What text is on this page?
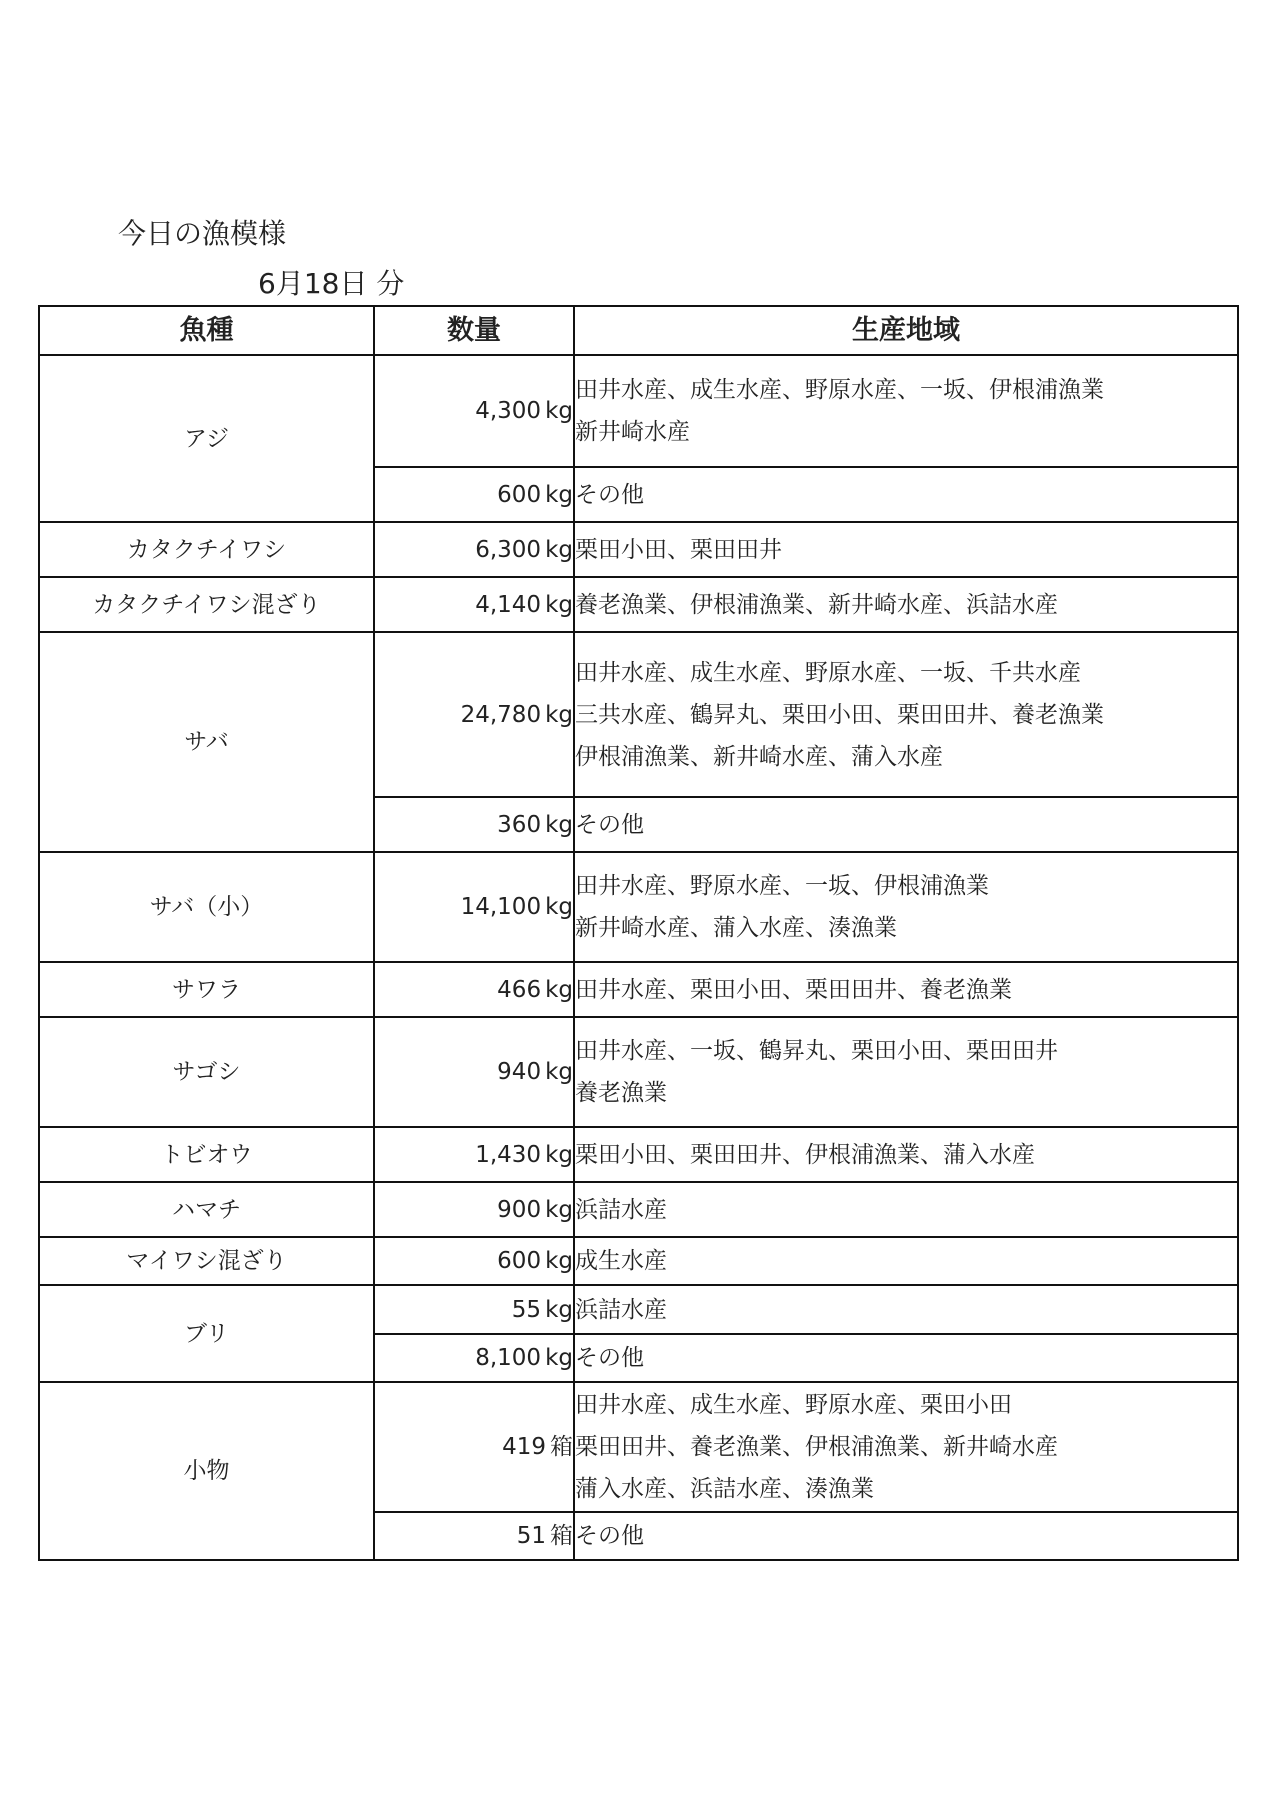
今日の漁模様
6月18日 分
魚種	数量	生産地域
アジ	4,300 kg	田井水産、成生水産、野原水産、一坂、伊根浦漁業
新井崎水産

	600 kg	その他

カタクチイワシ	6,300 kg	栗田小田、栗田田井

カタクチイワシ混ざり	4,140 kg	養老漁業、伊根浦漁業、新井崎水産、浜詰水産

サバ	24,780 kg	田井水産、成生水産、野原水産、一坂、千共水産
三共水産、鶴昇丸、栗田小田、栗田田井、養老漁業
伊根浦漁業、新井崎水産、蒲入水産

	360 kg	その他

サバ（小）	14,100 kg	田井水産、野原水産、一坂、伊根浦漁業
新井崎水産、蒲入水産、湊漁業

サワラ	466 kg	田井水産、栗田小田、栗田田井、養老漁業

サゴシ	940 kg	田井水産、一坂、鶴昇丸、栗田小田、栗田田井
養老漁業

トビオウ	1,430 kg	栗田小田、栗田田井、伊根浦漁業、蒲入水産

ハマチ	900 kg	浜詰水産

マイワシ混ざり	600 kg	成生水産

ブリ	55 kg	浜詰水産

	8,100 kg	その他

小物	419 箱	田井水産、成生水産、野原水産、栗田小田
栗田田井、養老漁業、伊根浦漁業、新井崎水産
蒲入水産、浜詰水産、湊漁業

	51 箱	その他
